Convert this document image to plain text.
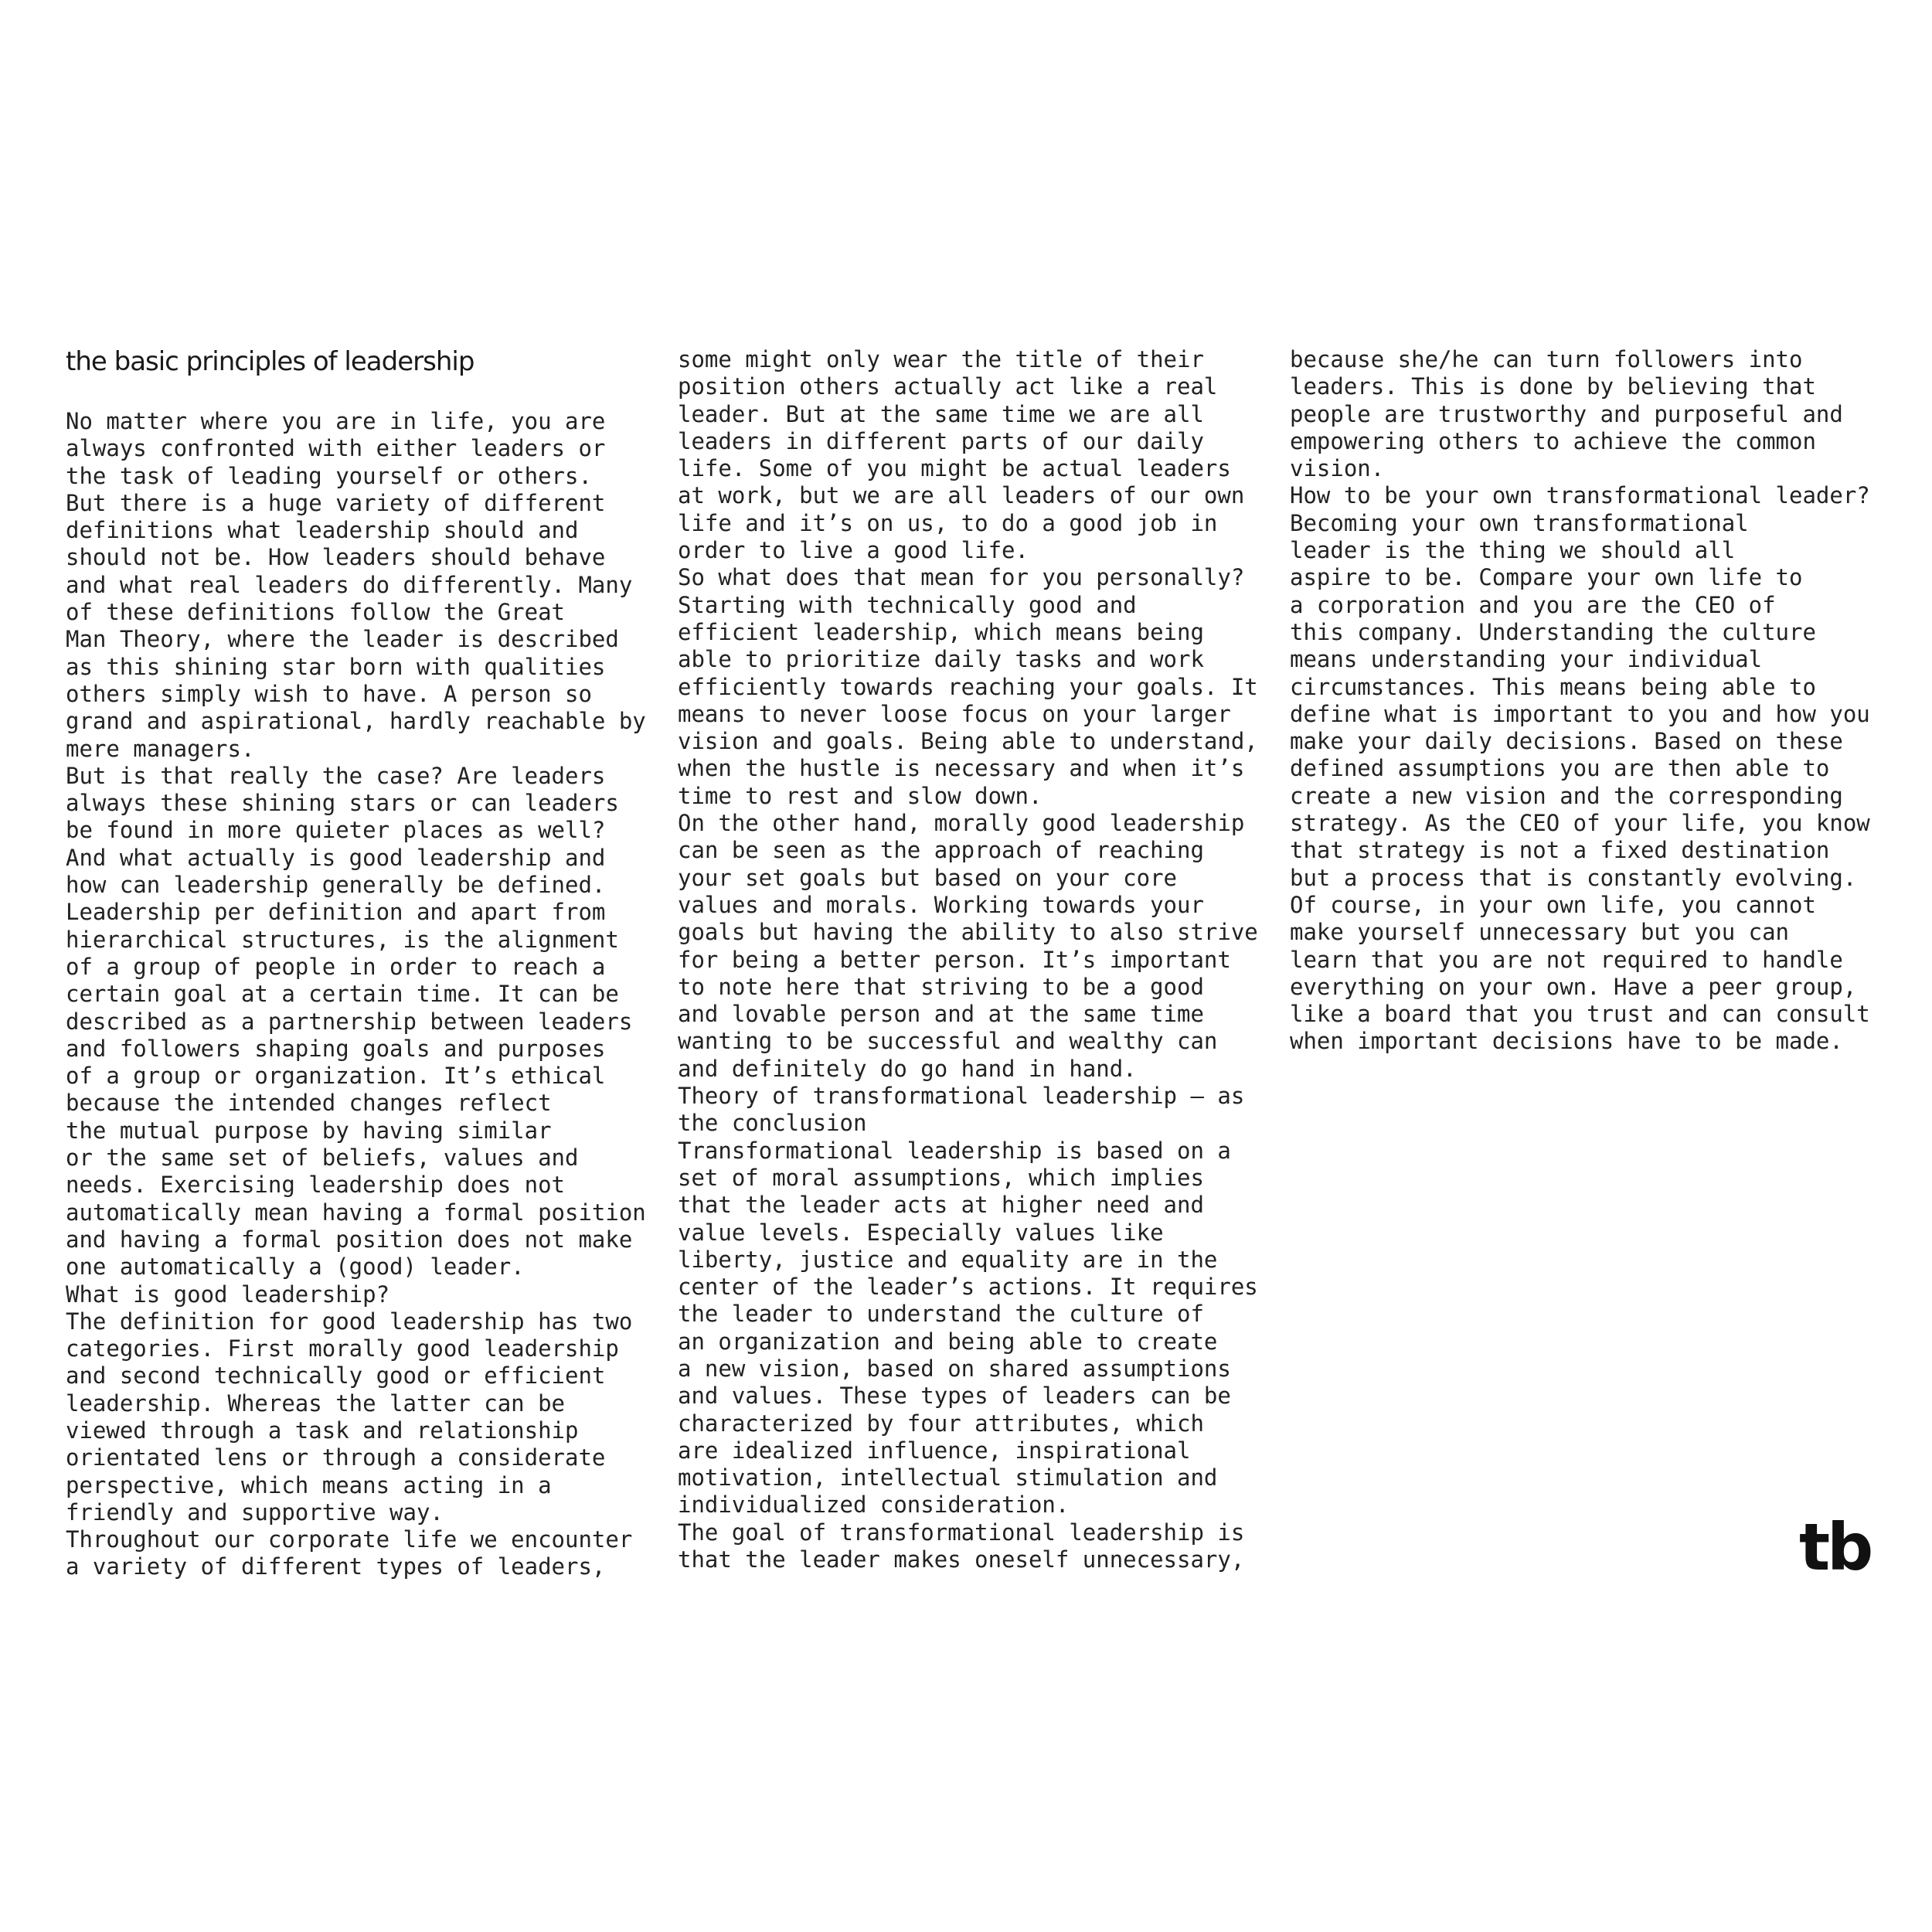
the basic principles of leadership
No matter where you are in life, you are
always confronted with either leaders or
the task of leading yourself or others.
But there is a huge variety of different
definitions what leadership should and
should not be. How leaders should behave
and what real leaders do differently. Many
of these definitions follow the Great
Man Theory, where the leader is described
as this shining star born with qualities
others simply wish to have. A person so
grand and aspirational, hardly reachable by
mere managers.
But is that really the case? Are leaders
always these shining stars or can leaders
be found in more quieter places as well?
And what actually is good leadership and
how can leadership generally be defined.
Leadership per definition and apart from
hierarchical structures, is the alignment
of a group of people in order to reach a
certain goal at a certain time. It can be
described as a partnership between leaders
and followers shaping goals and purposes
of a group or organization. It’s ethical
because the intended changes reflect
the mutual purpose by having similar
or the same set of beliefs, values and
needs. Exercising leadership does not
automatically mean having a formal position
and having a formal position does not make
one automatically a (good) leader.
What is good leadership?
The definition for good leadership has two
categories. First morally good leadership
and second technically good or efficient
leadership. Whereas the latter can be
viewed through a task and relationship
orientated lens or through a considerate
perspective, which means acting in a
friendly and supportive way.
Throughout our corporate life we encounter
a variety of different types of leaders,
some might only wear the title of their
position others actually act like a real
leader. But at the same time we are all
leaders in different parts of our daily
life. Some of you might be actual leaders
at work, but we are all leaders of our own
life and it’s on us, to do a good job in
order to live a good life.
So what does that mean for you personally?
Starting with technically good and
efficient leadership, which means being
able to prioritize daily tasks and work
efficiently towards reaching your goals. It
means to never loose focus on your larger
vision and goals. Being able to understand,
when the hustle is necessary and when it’s
time to rest and slow down.
On the other hand, morally good leadership
can be seen as the approach of reaching
your set goals but based on your core
values and morals. Working towards your
goals but having the ability to also strive
for being a better person. It’s important
to note here that striving to be a good
and lovable person and at the same time
wanting to be successful and wealthy can
and definitely do go hand in hand.
Theory of transformational leadership – as
the conclusion
Transformational leadership is based on a
set of moral assumptions, which implies
that the leader acts at higher need and
value levels. Especially values like
liberty, justice and equality are in the
center of the leader’s actions. It requires
the leader to understand the culture of
an organization and being able to create
a new vision, based on shared assumptions
and values. These types of leaders can be
characterized by four attributes, which
are idealized influence, inspirational
motivation, intellectual stimulation and
individualized consideration.
The goal of transformational leadership is
that the leader makes oneself unnecessary,
because she/he can turn followers into
leaders. This is done by believing that
people are trustworthy and purposeful and
empowering others to achieve the common
vision.
How to be your own transformational leader?
Becoming your own transformational
leader is the thing we should all
aspire to be. Compare your own life to
a corporation and you are the CEO of
this company. Understanding the culture
means understanding your individual
circumstances. This means being able to
define what is important to you and how you
make your daily decisions. Based on these
defined assumptions you are then able to
create a new vision and the corresponding
strategy. As the CEO of your life, you know
that strategy is not a fixed destination
but a process that is constantly evolving.
Of course, in your own life, you cannot
make yourself unnecessary but you can
learn that you are not required to handle
everything on your own. Have a peer group,
like a board that you trust and can consult
when important decisions have to be made.
tb
